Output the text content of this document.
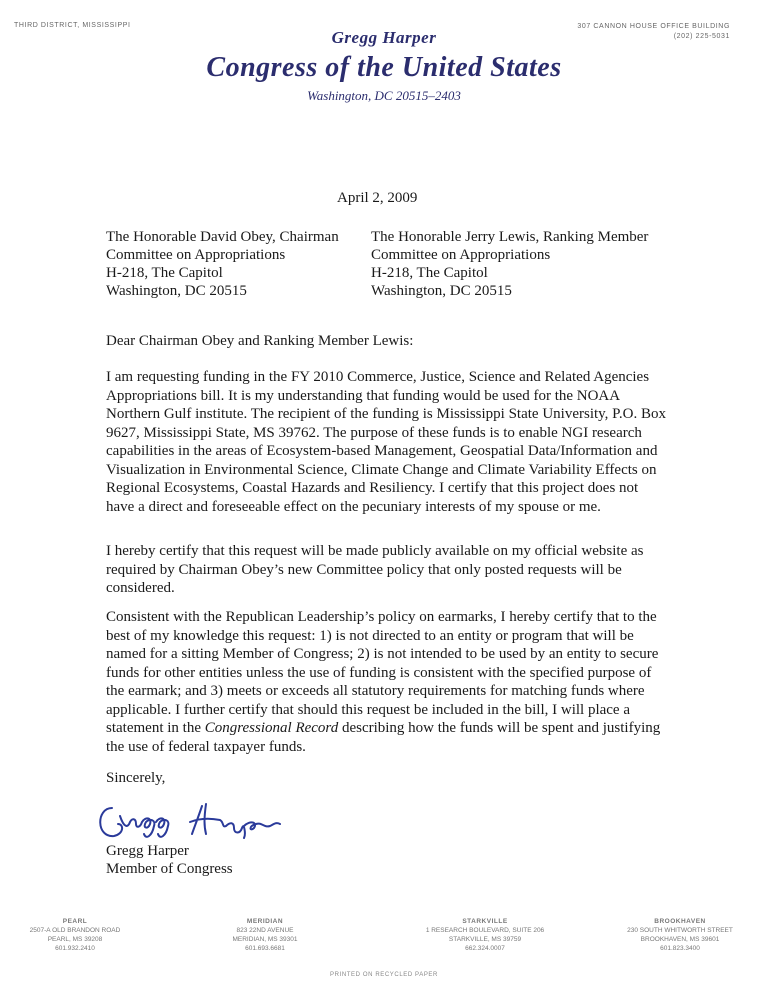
THIRD DISTRICT, MISSISSIPPI	307 CANNON HOUSE OFFICE BUILDING
(202) 225-5031
Gregg Harper
Congress of the United States
Washington, DC 20515–2403
April 2, 2009
The Honorable David Obey, Chairman
Committee on Appropriations
H-218, The Capitol
Washington, DC 20515
The Honorable Jerry Lewis, Ranking Member
Committee on Appropriations
H-218, The Capitol
Washington, DC 20515
Dear Chairman Obey and Ranking Member Lewis:

I am requesting funding in the FY 2010 Commerce, Justice, Science and Related Agencies Appropriations bill. It is my understanding that funding would be used for the NOAA Northern Gulf institute. The recipient of the funding is Mississippi State University, P.O. Box 9627, Mississippi State, MS 39762. The purpose of these funds is to enable NGI research capabilities in the areas of Ecosystem-based Management, Geospatial Data/Information and Visualization in Environmental Science, Climate Change and Climate Variability Effects on Regional Ecosystems, Coastal Hazards and Resiliency. I certify that this project does not have a direct and foreseeable effect on the pecuniary interests of my spouse or me.

I hereby certify that this request will be made publicly available on my official website as required by Chairman Obey’s new Committee policy that only posted requests will be considered.

Consistent with the Republican Leadership’s policy on earmarks, I hereby certify that to the best of my knowledge this request: 1) is not directed to an entity or program that will be named for a sitting Member of Congress; 2) is not intended to be used by an entity to secure funds for other entities unless the use of funding is consistent with the specified purpose of the earmark; and 3) meets or exceeds all statutory requirements for matching funds where applicable. I further certify that should this request be included in the bill, I will place a statement in the Congressional Record describing how the funds will be spent and justifying the use of federal taxpayer funds.

Sincerely,
Gregg Harper
Member of Congress
PEARL
2507-A OLD BRANDON ROAD
PEARL, MS 39208
601.932.2410
MERIDIAN
823 22ND AVENUE
MERIDIAN, MS 39301
601.693.6681
STARKVILLE
1 RESEARCH BOULEVARD, SUITE 206
STARKVILLE, MS 39759
662.324.0007
BROOKHAVEN
230 SOUTH WHITWORTH STREET
BROOKHAVEN, MS 39601
601.823.3400
PRINTED ON RECYCLED PAPER
